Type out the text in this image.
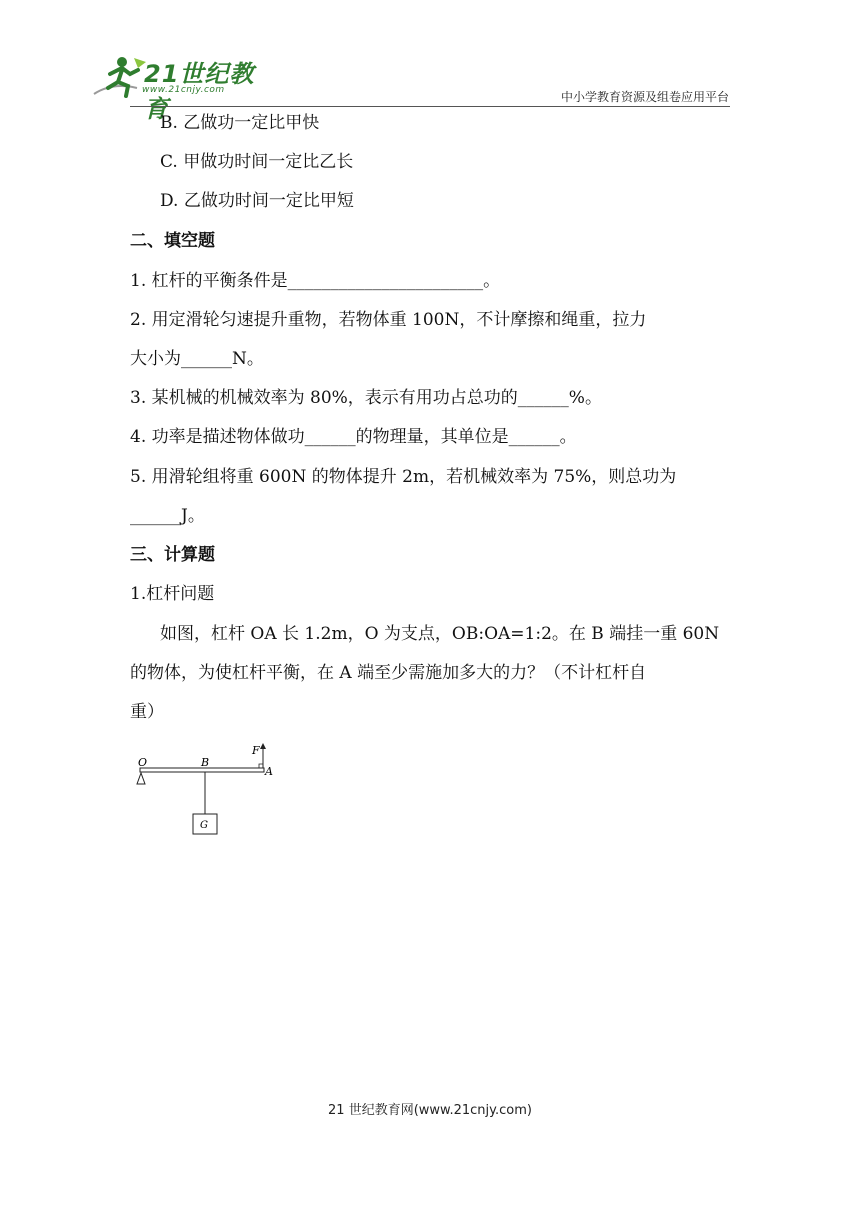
21世纪教育
www.21cnjy.com	中小学教育资源及组卷应用平台
B. 乙做功一定比甲快
C. 甲做功时间一定比乙长
D. 乙做功时间一定比甲短
二、填空题
1. 杠杆的平衡条件是_______________________。
2. 用定滑轮匀速提升重物，若物体重 100N，不计摩擦和绳重，拉力
大小为______N。
3. 某机械的机械效率为 80%，表示有用功占总功的______%。
4. 功率是描述物体做功______的物理量，其单位是______。
5. 用滑轮组将重 600N 的物体提升 2m，若机械效率为 75%，则总功为
______J。
三、计算题
1.杠杆问题
如图，杠杆 OA 长 1.2m，O 为支点，OB:OA=1:2。在 B 端挂一重 60N
的物体，为使杠杆平衡，在 A 端至少需施加多大的力？（不计杠杆自
重）
O	B
A
F
G
21 世纪教育网(www.21cnjy.com)
